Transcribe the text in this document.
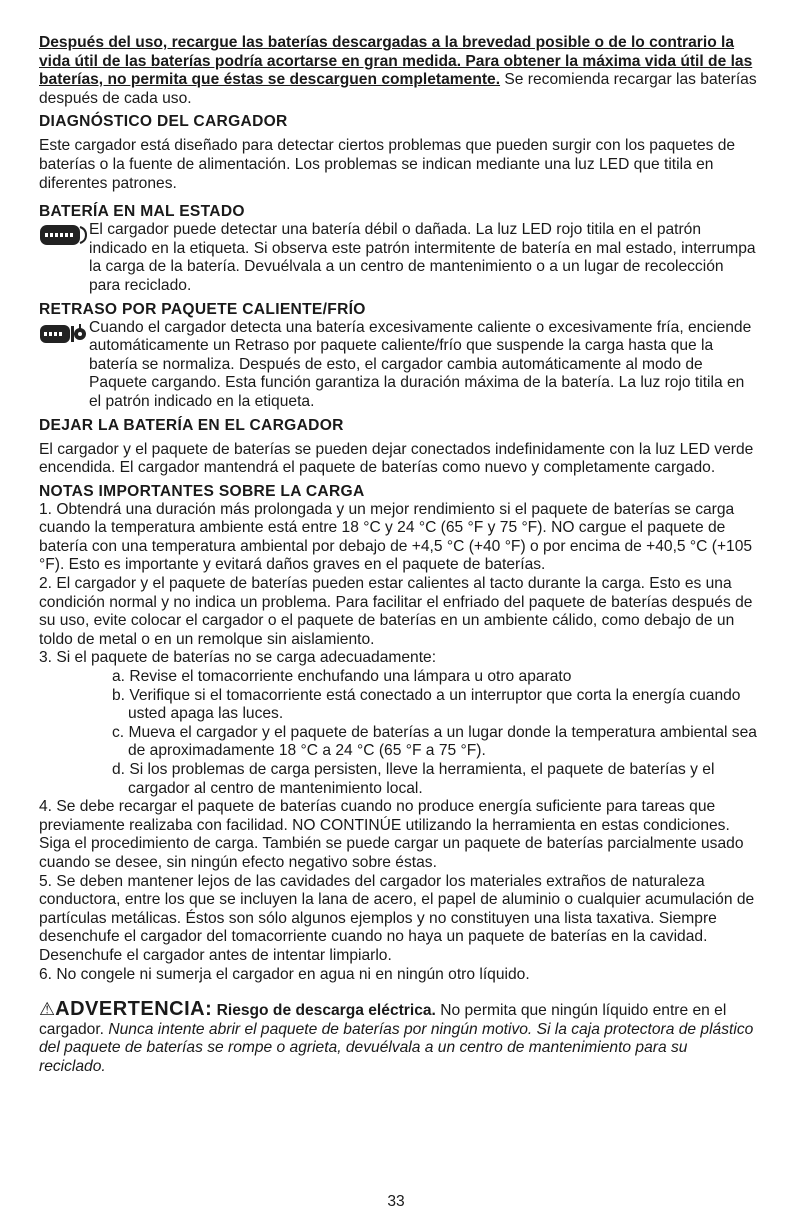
Después del uso, recargue las baterías descargadas a la brevedad posible o de lo contrario la vida útil de las baterías podría acortarse en gran medida. Para obtener la máxima vida útil de las baterías, no permita que éstas se descarguen completamente. Se recomienda recargar las baterías después de cada uso.

DIAGNÓSTICO DEL CARGADOR

Este cargador está diseñado para detectar ciertos problemas que pueden surgir con los paquetes de baterías o la fuente de alimentación. Los problemas se indican mediante una luz LED que titila en diferentes patrones.

BATERÍA EN MAL ESTADO

El cargador puede detectar una batería débil o dañada. La luz LED rojo titila en el patrón indicado en la etiqueta. Si observa este patrón intermitente de batería en mal estado, interrumpa la carga de la batería. Devuélvala a un centro de mantenimiento o a un lugar de recolección para reciclado.

RETRASO POR PAQUETE CALIENTE/FRÍO

Cuando el cargador detecta una batería excesivamente caliente o excesivamente fría, enciende automáticamente un Retraso por paquete caliente/frío que suspende la carga hasta que la batería se normaliza. Después de esto, el cargador cambia automáticamente al modo de Paquete cargando. Esta función garantiza la duración máxima de la batería. La luz rojo titila en el patrón indicado en la etiqueta.

DEJAR LA BATERÍA EN EL CARGADOR

El cargador y el paquete de baterías se pueden dejar conectados indefinidamente con la luz LED verde encendida. El cargador mantendrá el paquete de baterías como nuevo y completamente cargado.

NOTAS IMPORTANTES SOBRE LA CARGA

1. Obtendrá una duración más prolongada y un mejor rendimiento si el paquete de baterías se carga cuando la temperatura ambiente está entre 18 °C y 24 °C (65 °F y 75 °F). NO cargue el paquete de batería con una temperatura ambiental por debajo de +4,5 °C (+40 °F) o por encima de +40,5 °C (+105 °F). Esto es importante y evitará daños graves en el paquete de baterías.

2. El cargador y el paquete de baterías pueden estar calientes al tacto durante la carga. Esto es una condición normal y no indica un problema. Para facilitar el enfriado del paquete de baterías después de su uso, evite colocar el cargador o el paquete de baterías en un ambiente cálido, como debajo de un toldo de metal o en un remolque sin aislamiento.

3. Si el paquete de baterías no se carga adecuadamente:

a. Revise el tomacorriente enchufando una lámpara u otro aparato

b. Verifique si el tomacorriente está conectado a un interruptor que corta la energía cuando usted apaga las luces.

c. Mueva el cargador y el paquete de baterías a un lugar donde la temperatura ambiental sea de aproximadamente 18 °C a 24 °C (65 °F a 75 °F).

d. Si los problemas de carga persisten, lleve la herramienta, el paquete de baterías y el cargador al centro de mantenimiento local.

4. Se debe recargar el paquete de baterías cuando no produce energía suficiente para tareas que previamente realizaba con facilidad. NO CONTINÚE utilizando la herramienta en estas condiciones. Siga el procedimiento de carga. También se puede cargar un paquete de baterías parcialmente usado cuando se desee, sin ningún efecto negativo sobre éstas.

5. Se deben mantener lejos de las cavidades del cargador los materiales extraños de naturaleza conductora, entre los que se incluyen la lana de acero, el papel de aluminio o cualquier acumulación de partículas metálicas. Éstos son sólo algunos ejemplos y no constituyen una lista taxativa. Siempre desenchufe el cargador del tomacorriente cuando no haya un paquete de baterías en la cavidad. Desenchufe el cargador antes de intentar limpiarlo.

6. No congele ni sumerja el cargador en agua ni en ningún otro líquido.

⚠ADVERTENCIA: Riesgo de descarga eléctrica. No permita que ningún líquido entre en el cargador. Nunca intente abrir el paquete de baterías por ningún motivo. Si la caja protectora de plástico del paquete de baterías se rompe o agrieta, devuélvala a un centro de mantenimiento para su reciclado.

33
